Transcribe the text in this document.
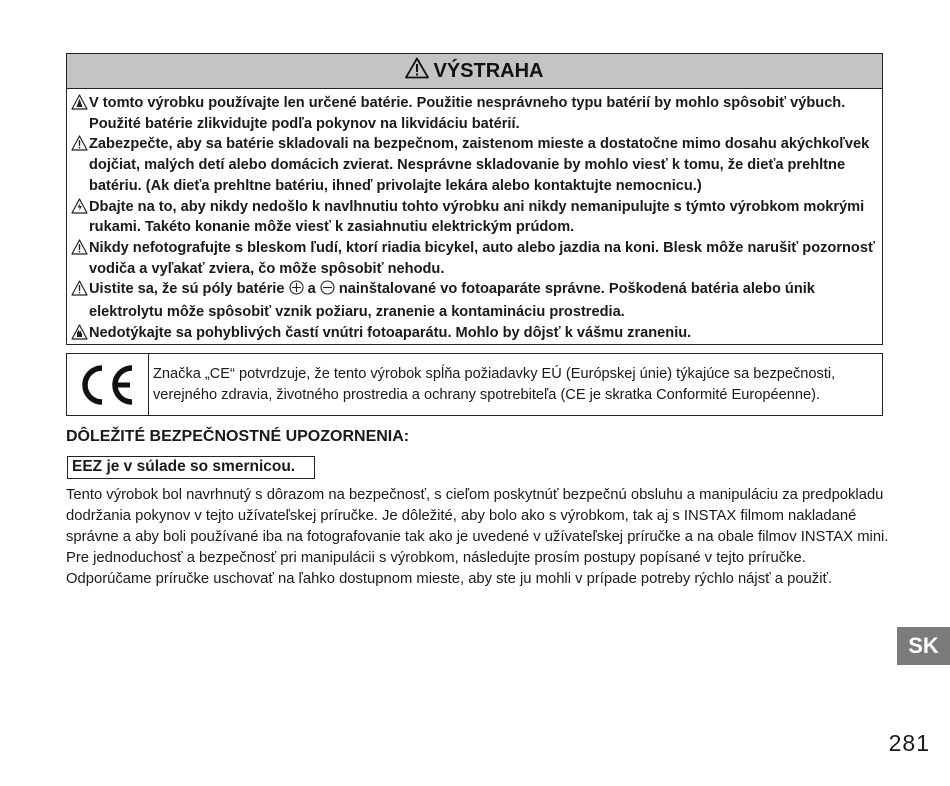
VÝSTRAHA
V tomto výrobku používajte len určené batérie. Použitie nesprávneho typu batérií by mohlo spôsobiť výbuch. Použité batérie zlikvidujte podľa pokynov na likvidáciu batérií.
Zabezpečte, aby sa batérie skladovali na bezpečnom, zaistenom mieste a dostatočne mimo dosahu akýchkoľvek dojčiat, malých detí alebo domácich zvierat. Nesprávne skladovanie by mohlo viesť k tomu, že dieťa prehltne batériu. (Ak dieťa prehltne batériu, ihneď privolajte lekára alebo kontaktujte nemocnicu.)
Dbajte na to, aby nikdy nedošlo k navlhnutiu tohto výrobku ani nikdy nemanipulujte s týmto výrobkom mokrými rukami. Takéto konanie môže viesť k zasiahnutiu elektrickým prúdom.
Nikdy nefotografujte s bleskom ľudí, ktorí riadia bicykel, auto alebo jazdia na koni. Blesk môže narušiť pozornosť vodiča a vyľakať zviera, čo môže spôsobiť nehodu.
Uistite sa, že sú póly batérie a nainštalované vo fotoaparáte správne. Poškodená batéria alebo únik elektrolytu môže spôsobiť vznik požiaru, zranenie a kontamináciu prostredia.
Nedotýkajte sa pohyblivých častí vnútri fotoaparátu. Mohlo by dôjsť k vášmu zraneniu.
Značka „CE“ potvrdzuje, že tento výrobok spĺňa požiadavky EÚ (Európskej únie) týkajúce sa bezpečnosti, verejného zdravia, životného prostredia a ochrany spotrebiteľa (CE je skratka Conformité Européenne).
DÔLEŽITÉ BEZPEČNOSTNÉ UPOZORNENIA:
EEZ je v súlade so smernicou.
Tento výrobok bol navrhnutý s dôrazom na bezpečnosť, s cieľom poskytnúť bezpečnú obsluhu a manipuláciu za predpokladu dodržania pokynov v tejto užívateľskej príručke. Je dôležité, aby bolo ako s výrobkom, tak aj s INSTAX filmom nakladané správne a aby boli používané iba na fotografovanie tak ako je uvedené v užívateľskej príručke a na obale filmov INSTAX mini. Pre jednoduchosť a bezpečnosť pri manipulácii s výrobkom, následujte prosím postupy popísané v tejto príručke. Odporúčame príručke uschovať na ľahko dostupnom mieste, aby ste ju mohli v prípade potreby rýchlo nájsť a použiť.
SK
281
